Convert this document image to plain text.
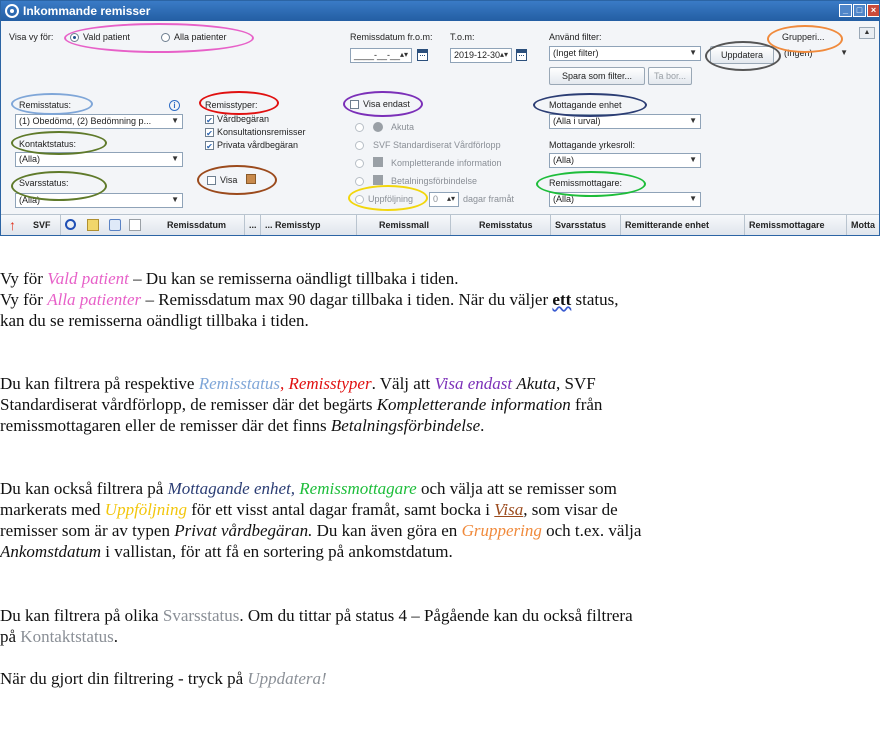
Inkommande remisser	_ □ ×
Visa vy för:	Vald patient	Alla patienter	Remissdatum fr.o.m: T.o.m:
____-__-__ ▴▾	2019-12-30 ▴▾
Använd filter:
(Inget filter)	▼
Spara som filter...	Ta bor...
Uppdatera
Grupperi...
(Ingen)	▼
▲
Remisstatus:	i
(1) Obedömd, (2) Bedömning p...	▼
Kontaktstatus:
(Alla)	▼
Svarsstatus:
(Alla)	▼
Remisstyper:
✔
Vårdbegäran
✔
Konsultationsremisser
✔
Privata vårdbegäran
Visa
Visa endast
Akuta
SVF Standardiserat Vårdförlopp
Kompletterande information
Betalningsförbindelse
Uppföljning	0 ▴▾ dagar framåt
Mottagande enhet
(Alla i urval)	▼
Mottagande yrkesroll:
(Alla)	▼
Remissmottagare:
(Alla)	▼
↑	SVF	Remissdatum	... ... Remisstyp	Remissmall	Remisstatus	Svarsstatus	Remitterande enhet	Remissmottagare	Motta

Vy för Vald patient – Du kan se remisserna oändligt tillbaka i tiden.
Vy för Alla patienter – Remissdatum max 90 dagar tillbaka i tiden. När du väljer ett status,
kan du se remisserna oändligt tillbaka i tiden.

Du kan filtrera på respektive Remisstatus, Remisstyper. Välj att Visa endast Akuta, SVF
Standardiserat vårdförlopp, de remisser där det begärts Kompletterande information från
remissmottagaren eller de remisser där det finns Betalningsförbindelse.

Du kan också filtrera på Mottagande enhet, Remissmottagare och välja att se remisser som
markerats med Uppföljning för ett visst antal dagar framåt, samt bocka i Visa, som visar de
remisser som är av typen Privat vårdbegäran. Du kan även göra en Gruppering och t.ex. välja
Ankomstdatum i vallistan, för att få en sortering på ankomstdatum.

Du kan filtrera på olika Svarsstatus. Om du tittar på status 4 – Pågående kan du också filtrera
på Kontaktstatus.

När du gjort din filtrering - tryck på Uppdatera!
